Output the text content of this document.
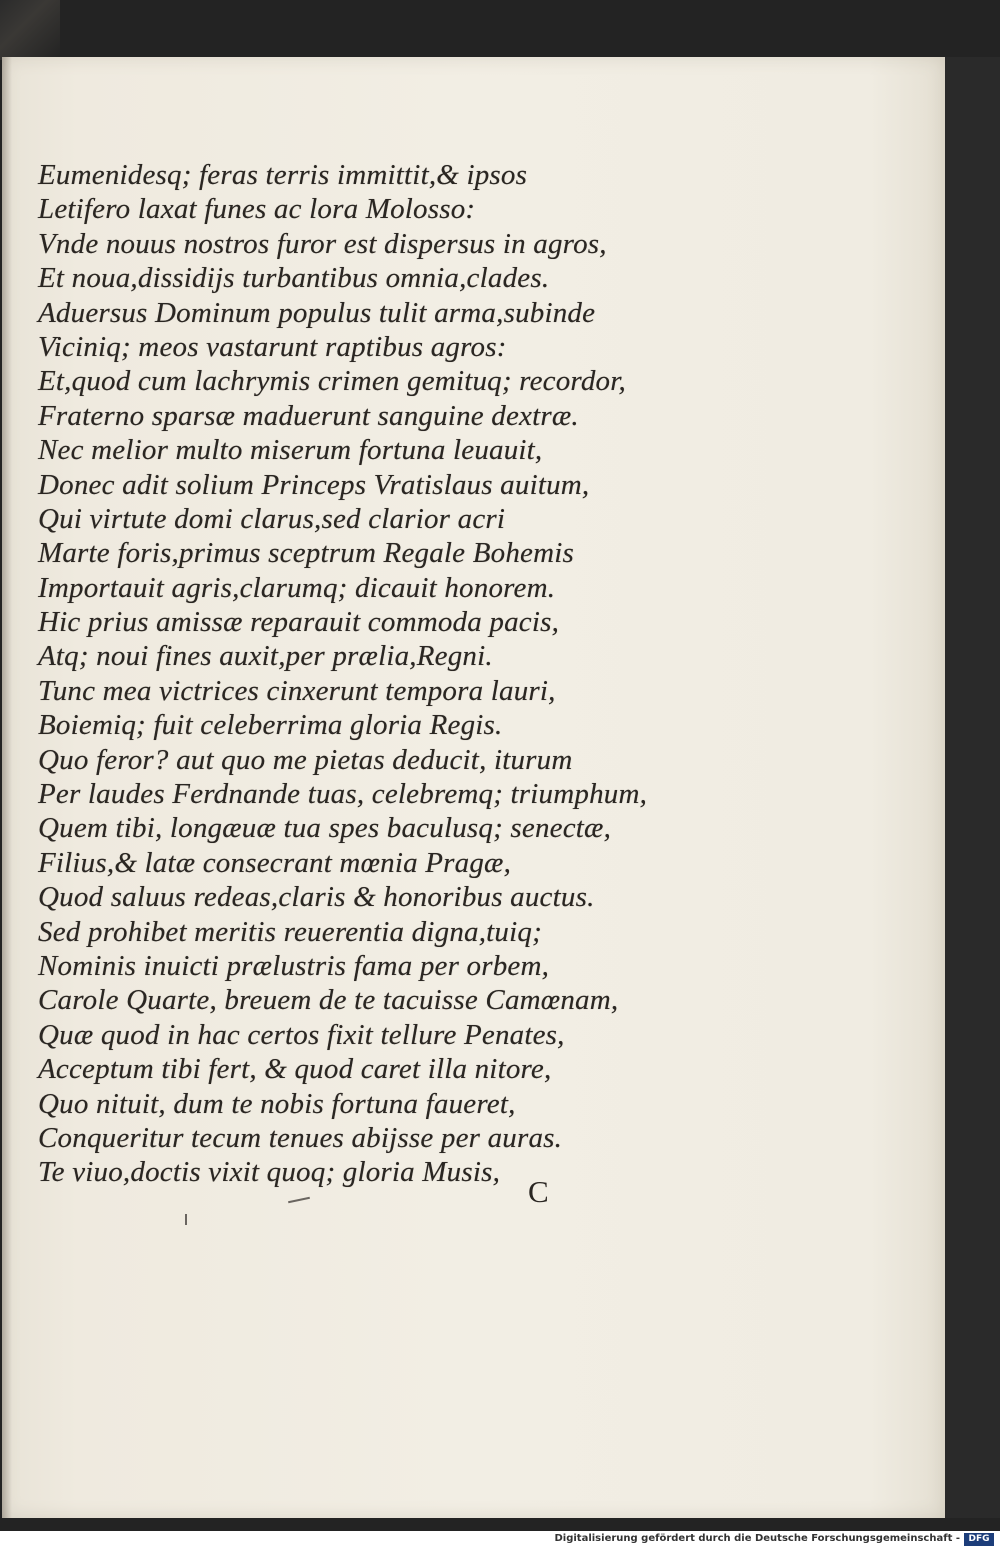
Eumenidesq; feras terris immittit,& ipsos
Letifero laxat funes ac lora Molosso:
Vnde nouus nostros furor est dispersus in agros,
Et noua,dissidijs turbantibus omnia,clades.
Aduersus Dominum populus tulit arma,subinde
Viciniq; meos vastarunt raptibus agros:
Et,quod cum lachrymis crimen gemituq; recordor,
Fraterno sparsæ maduerunt sanguine dextræ.
Nec melior multo miserum fortuna leuauit,
Donec adit solium Princeps Vratislaus auitum,
Qui virtute domi clarus,sed clarior acri
Marte foris,primus sceptrum Regale Bohemis
Importauit agris,clarumq; dicauit honorem.
Hic prius amissæ reparauit commoda pacis,
Atq; noui fines auxit,per prælia,Regni.
Tunc mea victrices cinxerunt tempora lauri,
Boiemiq; fuit celeberrima gloria Regis.
Quo feror? aut quo me pietas deducit, iturum
Per laudes Ferdnande tuas, celebremq; triumphum,
Quem tibi, longæuæ tua spes baculusq; senectæ,
Filius,& latæ consecrant mœnia Pragæ,
Quod saluus redeas,claris & honoribus auctus.
Sed prohibet meritis reuerentia digna,tuiq;
Nominis inuicti prælustris fama per orbem,
Carole Quarte, breuem de te tacuisse Camœnam,
Quæ quod in hac certos fixit tellure Penates,
Acceptum tibi fert, & quod caret illa nitore,
Quo nituit, dum te nobis fortuna faueret,
Conqueritur tecum tenues abijsse per auras.
Te viuo,doctis vixit quoq; gloria Musis,
C
Digitalisierung gefördert durch die Deutsche Forschungsgemeinschaft - DFG
